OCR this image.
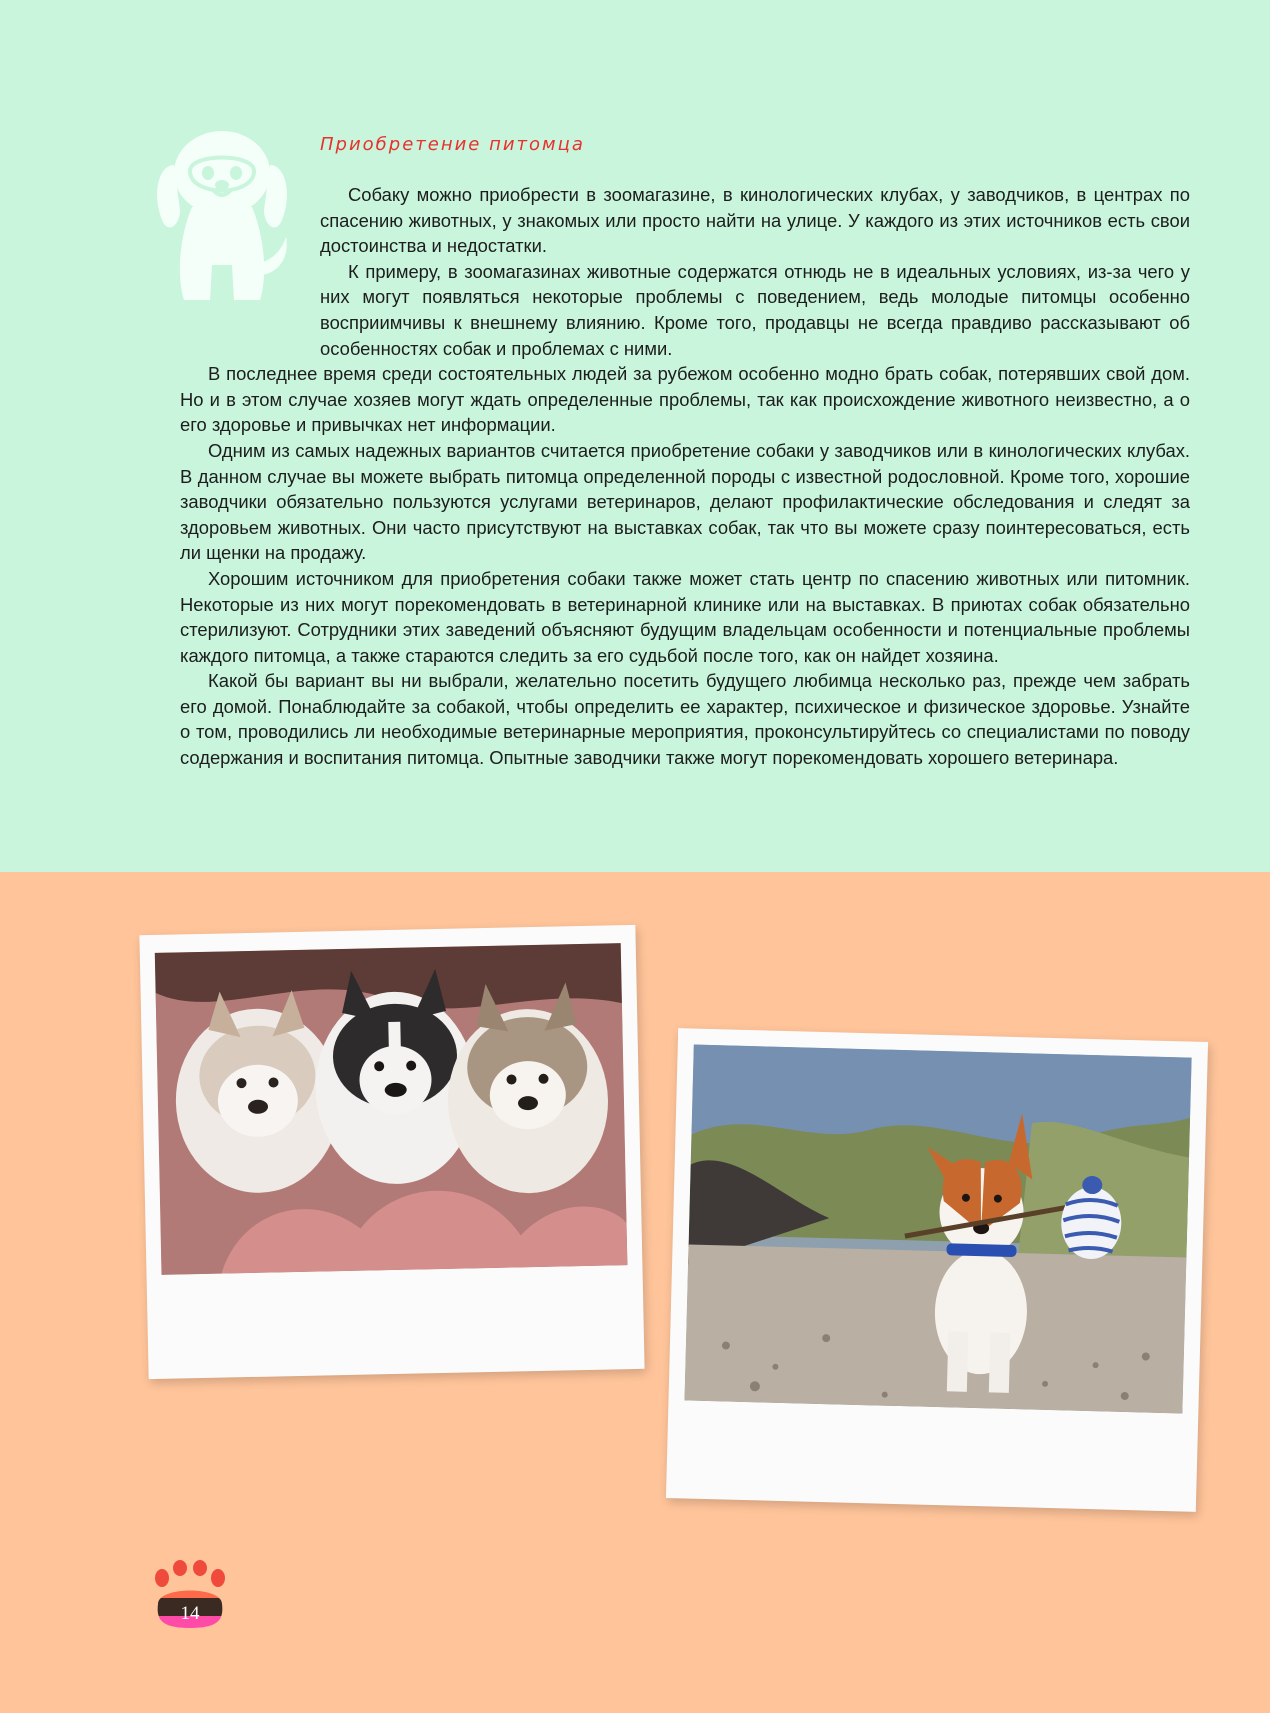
Приобретение питомца

Собаку можно приобрести в зоомагазине, в кинологических клубах, у заводчиков, в центрах по спасению животных, у знакомых или просто найти на улице. У каждого из этих источников есть свои достоинства и недостатки.

К примеру, в зоомагазинах животные содержатся отнюдь не в идеальных условиях, из-за чего у них могут появляться некоторые проблемы с поведением, ведь молодые питомцы особенно восприимчивы к внешнему влиянию. Кроме того, продавцы не всегда правдиво рассказывают об особенностях собак и проблемах с ними.

В последнее время среди состоятельных людей за рубежом особенно модно брать собак, потерявших свой дом. Но и в этом случае хозяев могут ждать определенные проблемы, так как происхождение животного неизвестно, а о его здоровье и привычках нет информации.

Одним из самых надежных вариантов считается приобретение собаки у заводчиков или в кинологических клубах. В данном случае вы можете выбрать питомца определенной породы с известной родословной. Кроме того, хорошие заводчики обязательно пользуются услугами ветеринаров, делают профилактические обследования и следят за здоровьем животных. Они часто присутствуют на выставках собак, так что вы можете сразу поинтересоваться, есть ли щенки на продажу.

Хорошим источником для приобретения собаки также может стать центр по спасению животных или питомник. Некоторые из них могут порекомендовать в ветеринарной клинике или на выставках. В приютах собак обязательно стерилизуют. Сотрудники этих заведений объясняют будущим владельцам особенности и потенциальные проблемы каждого питомца, а также стараются следить за его судьбой после того, как он найдет хозяина.

Какой бы вариант вы ни выбрали, желательно посетить будущего любимца несколько раз, прежде чем забрать его домой. Понаблюдайте за собакой, чтобы определить ее характер, психическое и физическое здоровье. Узнайте о том, проводились ли необходимые ветеринарные мероприятия, проконсультируйтесь со специалистами по поводу содержания и воспитания питомца. Опытные заводчики также могут порекомендовать хорошего ветеринара.

14
